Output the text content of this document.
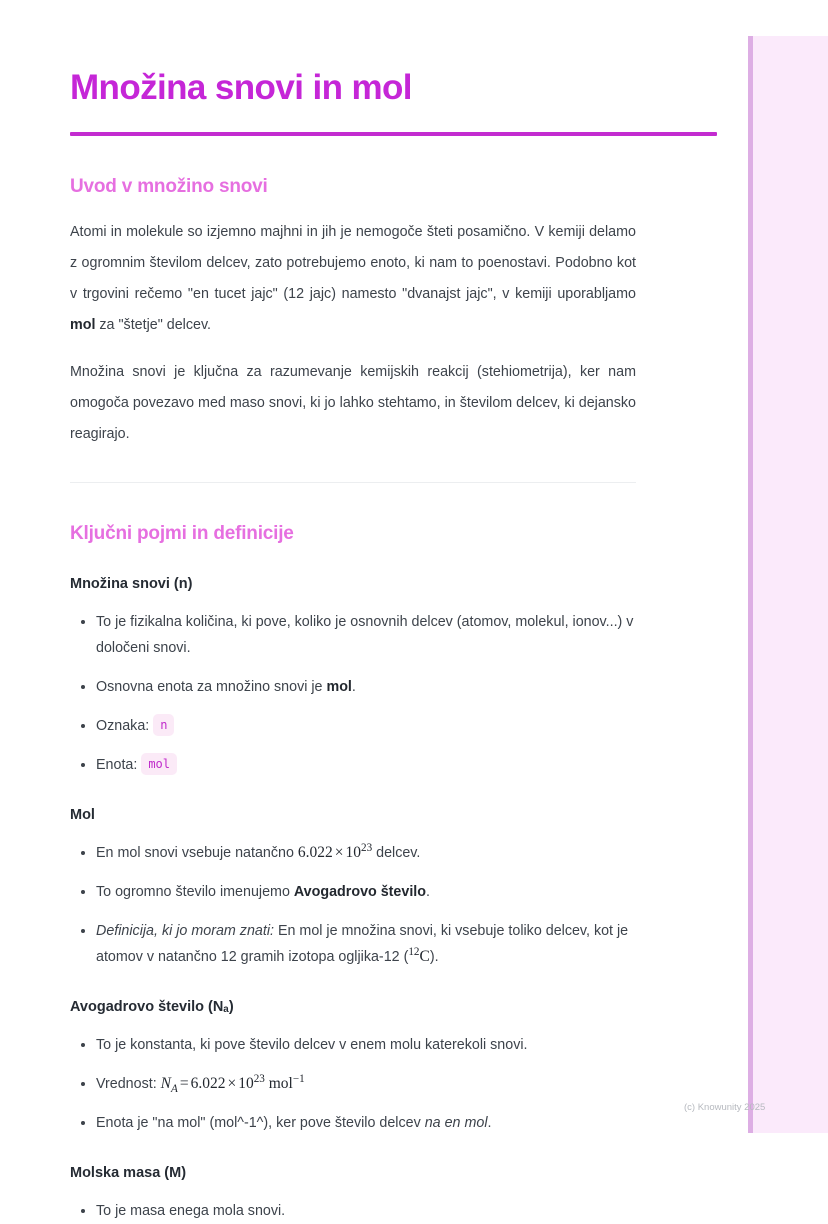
Množina snovi in mol
Uvod v množino snovi

Atomi in molekule so izjemno majhni in jih je nemogoče šteti posamično. V kemiji delamo z ogromnim številom delcev, zato potrebujemo enoto, ki nam to poenostavi. Podobno kot v trgovini rečemo "en tucet jajc" (12 jajc) namesto "dvanajst jajc", v kemiji uporabljamo mol za "štetje" delcev.

Množina snovi je ključna za razumevanje kemijskih reakcij (stehiometrija), ker nam omogoča povezavo med maso snovi, ki jo lahko stehtamo, in številom delcev, ki dejansko reagirajo.

Ključni pojmi in definicije
Množina snovi (n)
To je fizikalna količina, ki pove, koliko je osnovnih delcev (atomov, molekul, ionov...) v določeni snovi.
Osnovna enota za množino snovi je mol.
Oznaka: n
Enota: mol
Mol
En mol snovi vsebuje natančno $6.022 \times 10^{23}$ delcev.
To ogromno število imenujemo Avogadrovo število.
Definicija, ki jo moram znati: En mol je množina snovi, ki vsebuje toliko delcev, kot je atomov v natančno 12 gramih izotopa ogljika-12 ($^{12}$C).
Avogadrovo število (Nₐ)
To je konstanta, ki pove število delcev v enem molu katerekoli snovi.
Vrednost: $N_A = 6.022 \times 10^{23}$ mol$^{-1}$
Enota je "na mol" (mol^-1^), ker pove število delcev na en mol.
Molska masa (M)
To je masa enega mola snovi.
(c) Knowunity 2025
